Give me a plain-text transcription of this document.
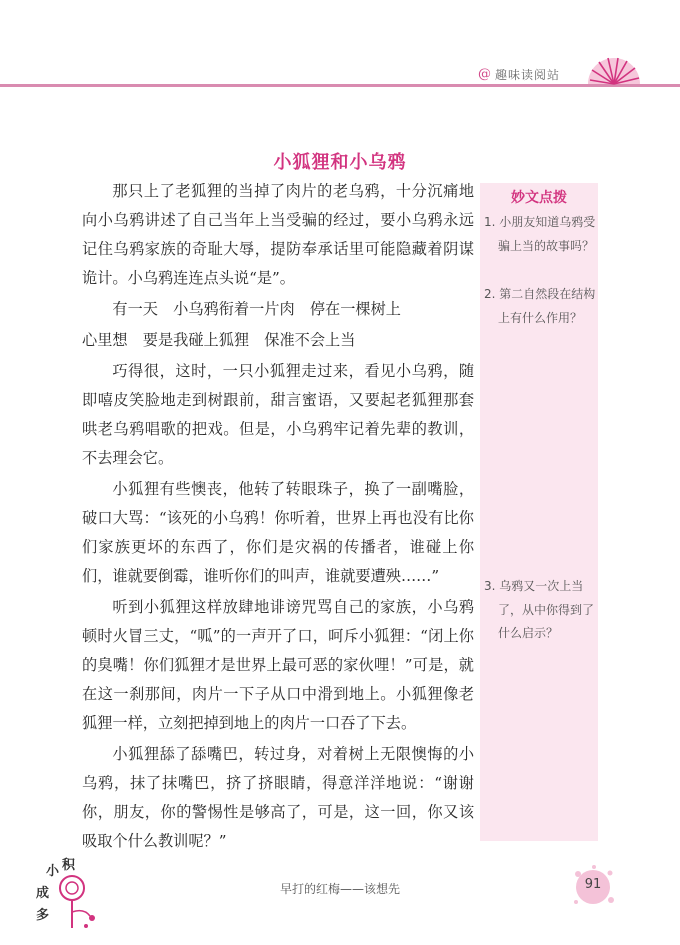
@ 趣味读阅站
小狐狸和小乌鸦

那只上了老狐狸的当掉了肉片的老乌鸦，十分沉痛地向小乌鸦讲述了自己当年上当受骗的经过，要小乌鸦永远记住乌鸦家族的奇耻大辱，提防奉承话里可能隐藏着阴谋诡计。小乌鸦连连点头说“是”。

有一天　小乌鸦衔着一片肉　停在一棵树上

心里想　要是我碰上狐狸　保准不会上当

巧得很，这时，一只小狐狸走过来，看见小乌鸦，随即嘻皮笑脸地走到树跟前，甜言蜜语，又要起老狐狸那套哄老乌鸦唱歌的把戏。但是，小乌鸦牢记着先辈的教训，不去理会它。

小狐狸有些懊丧，他转了转眼珠子，换了一副嘴脸，破口大骂：“该死的小乌鸦！你听着，世界上再也没有比你们家族更坏的东西了，你们是灾祸的传播者，谁碰上你们，谁就要倒霉，谁听你们的叫声，谁就要遭殃……”

听到小狐狸这样放肆地诽谤咒骂自己的家族，小乌鸦顿时火冒三丈，“呱”的一声开了口，呵斥小狐狸：“闭上你的臭嘴！你们狐狸才是世界上最可恶的家伙哩！”可是，就在这一刹那间，肉片一下子从口中滑到地上。小狐狸像老狐狸一样，立刻把掉到地上的肉片一口吞了下去。

小狐狸舔了舔嘴巴，转过身，对着树上无限懊悔的小乌鸦，抹了抹嘴巴，挤了挤眼睛，得意洋洋地说：“谢谢你，朋友，你的警惕性是够高了，可是，这一回，你又该吸取个什么教训呢？”

妙文点拨
1. 小朋友知道乌鸦受骗上当的故事吗？
2. 第二自然段在结构上有什么作用？
3. 乌鸦又一次上当了，从中你得到了什么启示？
小 积
成
多
早打的红梅——该想先	91
